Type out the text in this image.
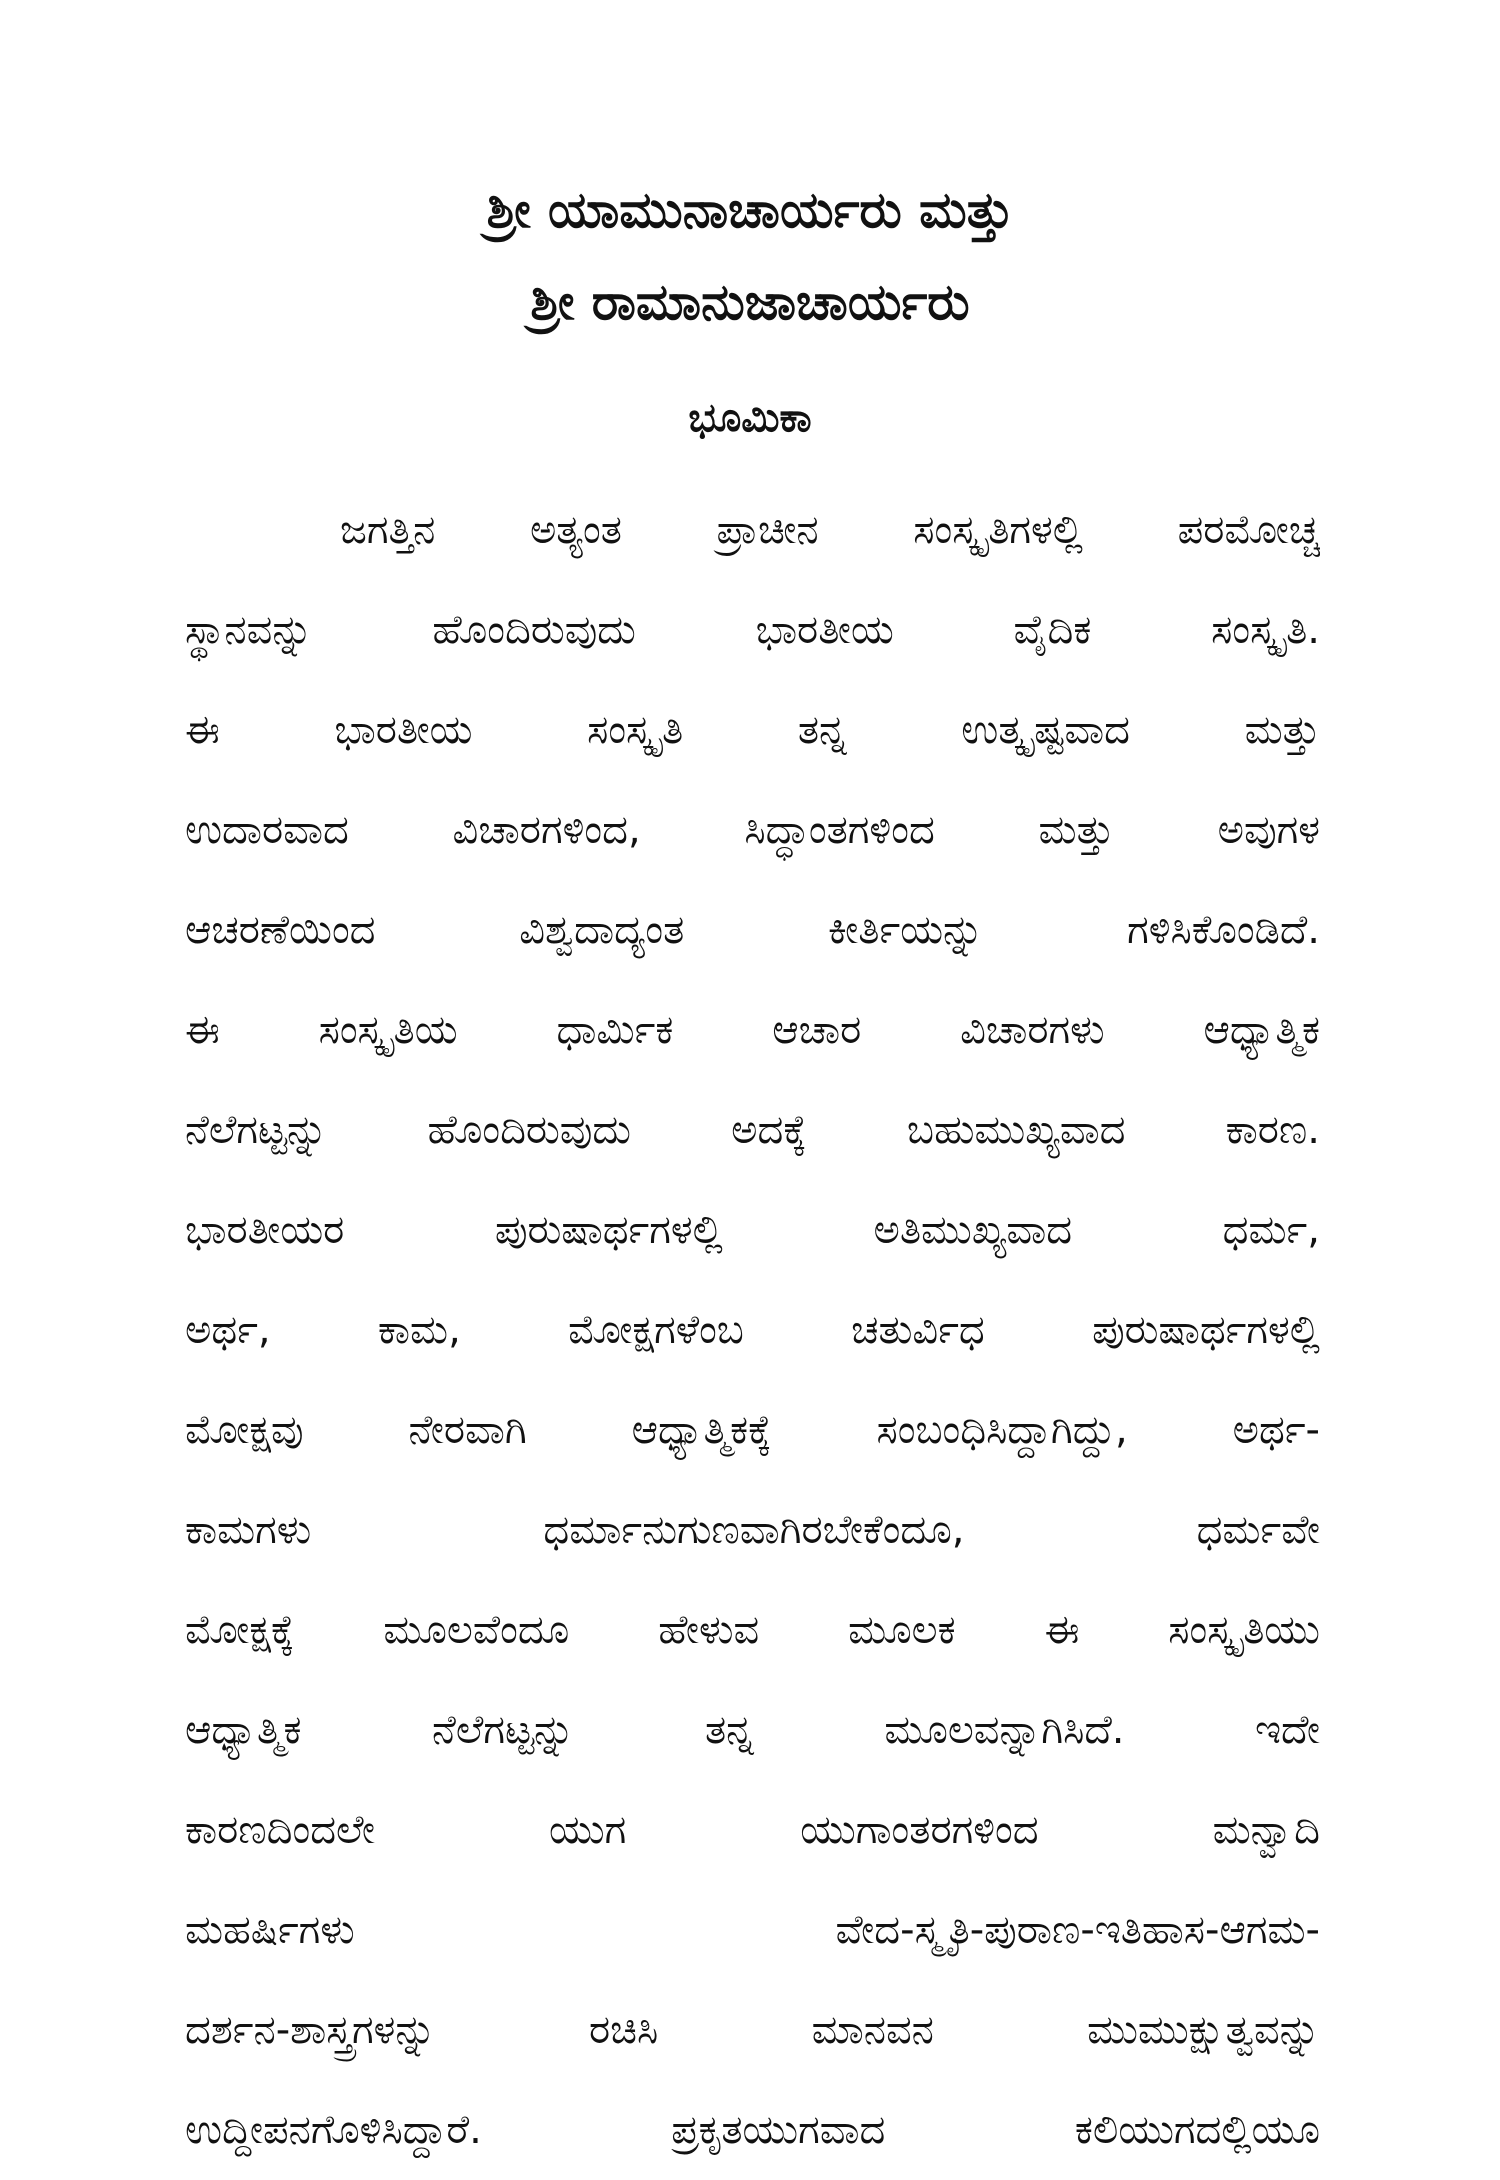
ಶ್ರೀ ಯಾಮುನಾಚಾರ್ಯರು ಮತ್ತು
ಶ್ರೀ ರಾಮಾನುಜಾಚಾರ್ಯರು
ಭೂಮಿಕಾ
ಜಗತ್ತಿನ ಅತ್ಯಂತ ಪ್ರಾಚೀನ ಸಂಸ್ಕೃತಿಗಳಲ್ಲಿ ಪರಮೋಚ್ಚ
ಸ್ಥಾನವನ್ನು ಹೊಂದಿರುವುದು ಭಾರತೀಯ ವೈದಿಕ ಸಂಸ್ಕೃತಿ.
ಈ ಭಾರತೀಯ ಸಂಸ್ಕೃತಿ ತನ್ನ ಉತ್ಕೃಷ್ಟವಾದ ಮತ್ತು
ಉದಾರವಾದ ವಿಚಾರಗಳಿಂದ, ಸಿದ್ಧಾಂತಗಳಿಂದ ಮತ್ತು ಅವುಗಳ
ಆಚರಣೆಯಿಂದ ವಿಶ್ವದಾದ್ಯಂತ ಕೀರ್ತಿಯನ್ನು ಗಳಿಸಿಕೊಂಡಿದೆ.
ಈ ಸಂಸ್ಕೃತಿಯ ಧಾರ್ಮಿಕ ಆಚಾರ ವಿಚಾರಗಳು ಆಧ್ಯಾತ್ಮಿಕ
ನೆಲೆಗಟ್ಟನ್ನು ಹೊಂದಿರುವುದು ಅದಕ್ಕೆ ಬಹುಮುಖ್ಯವಾದ ಕಾರಣ.
ಭಾರತೀಯರ ಪುರುಷಾರ್ಥಗಳಲ್ಲಿ ಅತಿಮುಖ್ಯವಾದ ಧರ್ಮ,
ಅರ್ಥ, ಕಾಮ, ಮೋಕ್ಷಗಳೆಂಬ ಚತುರ್ವಿಧ ಪುರುಷಾರ್ಥಗಳಲ್ಲಿ
ಮೋಕ್ಷವು ನೇರವಾಗಿ ಆಧ್ಯಾತ್ಮಿಕಕ್ಕೆ ಸಂಬಂಧಿಸಿದ್ದಾಗಿದ್ದು, ಅರ್ಥ-
ಕಾಮಗಳು ಧರ್ಮಾನುಗುಣವಾಗಿರಬೇಕೆಂದೂ, ಧರ್ಮವೇ
ಮೋಕ್ಷಕ್ಕೆ ಮೂಲವೆಂದೂ ಹೇಳುವ ಮೂಲಕ ಈ ಸಂಸ್ಕೃತಿಯು
ಆಧ್ಯಾತ್ಮಿಕ ನೆಲೆಗಟ್ಟನ್ನು ತನ್ನ ಮೂಲವನ್ನಾಗಿಸಿದೆ. ಇದೇ
ಕಾರಣದಿಂದಲೇ ಯುಗ ಯುಗಾಂತರಗಳಿಂದ ಮನ್ವಾದಿ
ಮಹರ್ಷಿಗಳು ವೇದ-ಸ್ಮೃತಿ-ಪುರಾಣ-ಇತಿಹಾಸ-ಆಗಮ-
ದರ್ಶನ-ಶಾಸ್ತ್ರಗಳನ್ನು ರಚಿಸಿ ಮಾನವನ ಮುಮುಕ್ಷುತ್ವವನ್ನು
ಉದ್ದೀಪನಗೊಳಿಸಿದ್ದಾರೆ. ಪ್ರಕೃತಯುಗವಾದ ಕಲಿಯುಗದಲ್ಲಿಯೂ
